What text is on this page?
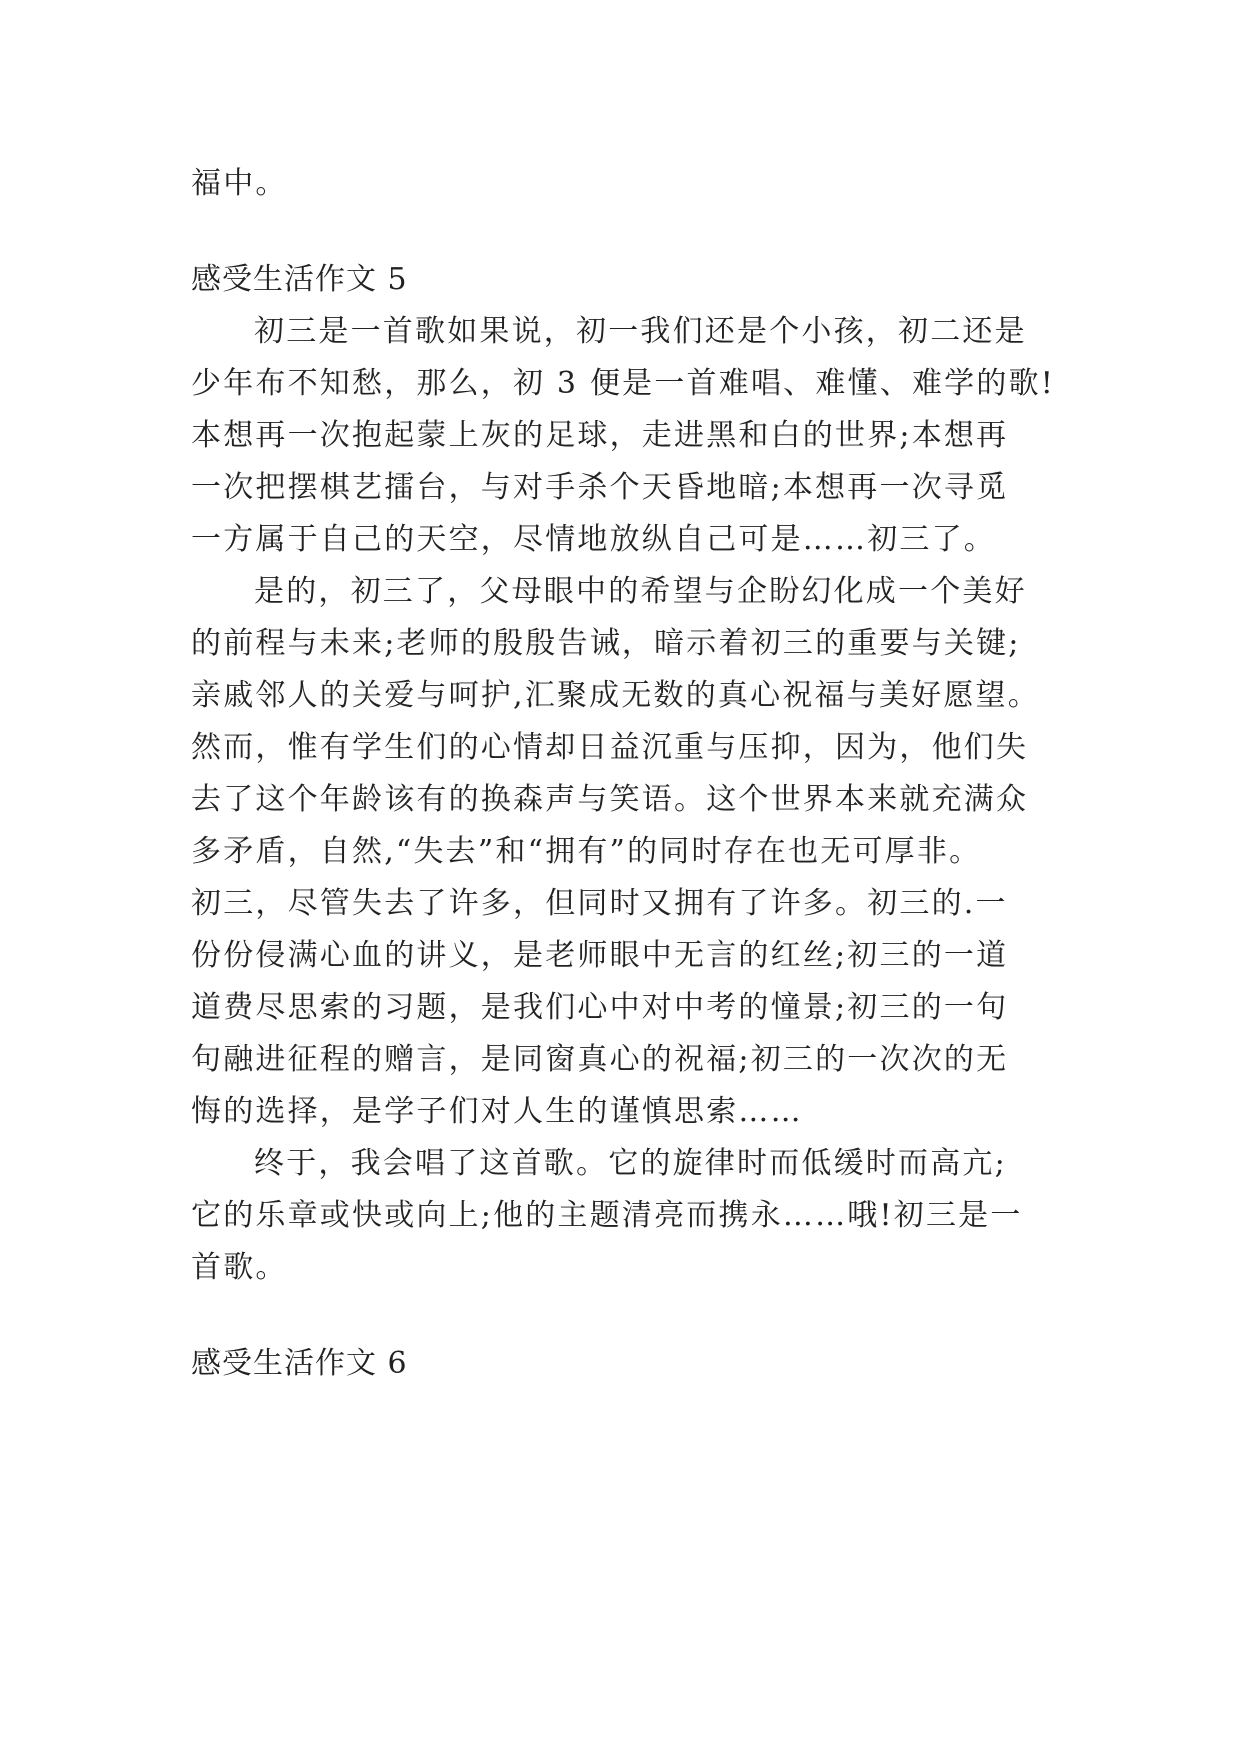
福中。
感受生活作文 5
初三是一首歌如果说，初一我们还是个小孩，初二还是
少年布不知愁，那么，初 3 便是一首难唱、难懂、难学的歌!
本想再一次抱起蒙上灰的足球，走进黑和白的世界;本想再
一次把摆棋艺擂台，与对手杀个天昏地暗;本想再一次寻觅
一方属于自己的天空，尽情地放纵自己可是……初三了。
是的，初三了，父母眼中的希望与企盼幻化成一个美好
的前程与未来;老师的殷殷告诫，暗示着初三的重要与关键;
亲戚邻人的关爱与呵护,汇聚成无数的真心祝福与美好愿望。
然而，惟有学生们的心情却日益沉重与压抑，因为，他们失
去了这个年龄该有的换森声与笑语。这个世界本来就充满众
多矛盾，自然,“失去”和“拥有”的同时存在也无可厚非。
初三，尽管失去了许多，但同时又拥有了许多。初三的.一
份份侵满心血的讲义，是老师眼中无言的红丝;初三的一道
道费尽思索的习题，是我们心中对中考的憧景;初三的一句
句融进征程的赠言，是同窗真心的祝福;初三的一次次的无
悔的选择，是学子们对人生的谨慎思索……
终于，我会唱了这首歌。它的旋律时而低缓时而高亢;
它的乐章或快或向上;他的主题清亮而携永……哦!初三是一
首歌。
感受生活作文 6
